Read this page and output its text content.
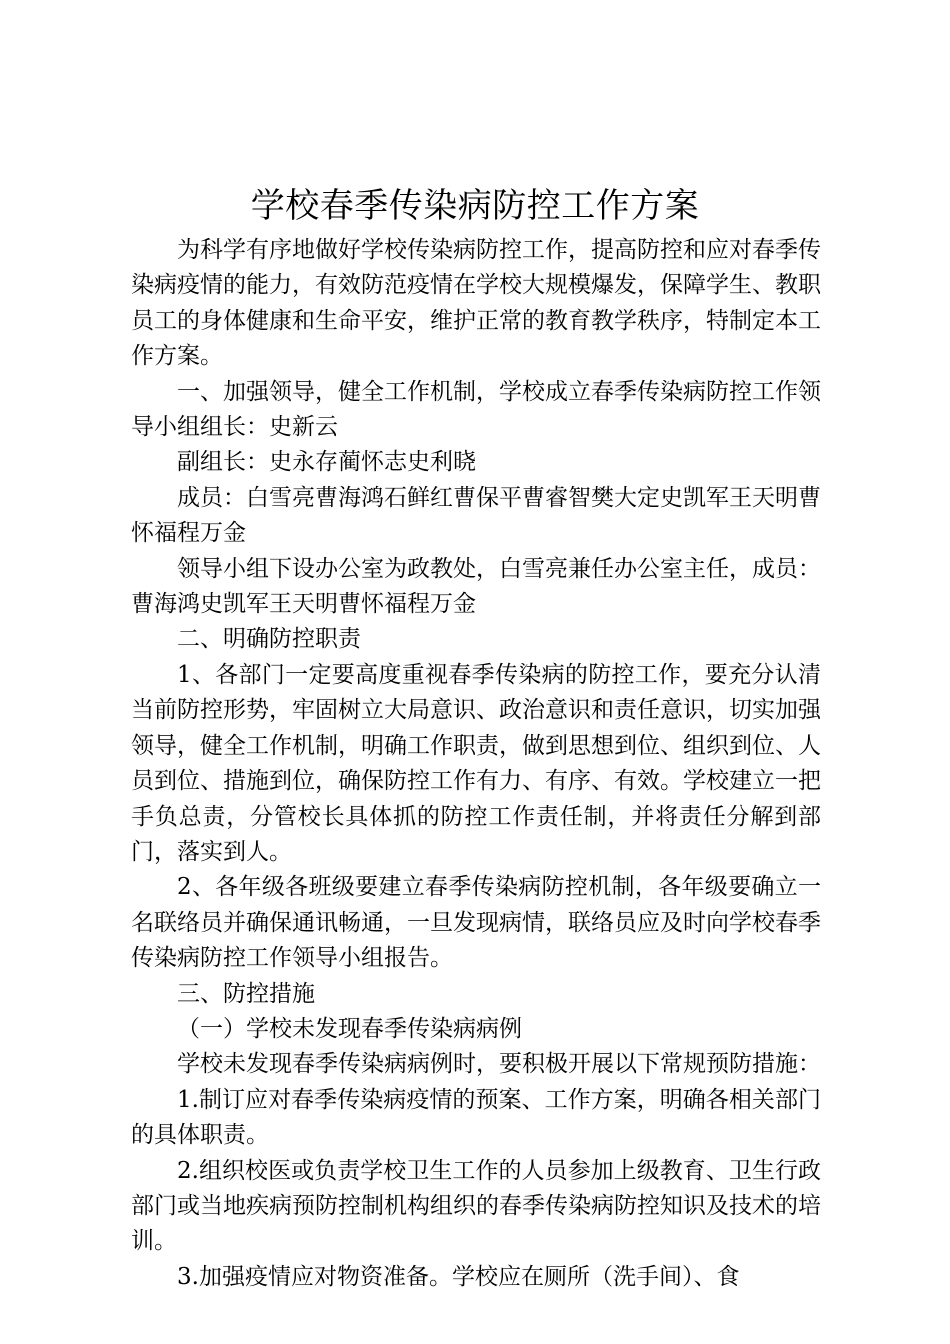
学校春季传染病防控工作方案

为科学有序地做好学校传染病防控工作，提高防控和应对春季传染病疫情的能力，有效防范疫情在学校大规模爆发，保障学生、教职员工的身体健康和生命平安，维护正常的教育教学秩序，特制定本工作方案。

一、加强领导，健全工作机制，学校成立春季传染病防控工作领导小组组长：史新云

副组长：史永存蔺怀志史利晓

成员：白雪亮曹海鸿石鲜红曹保平曹睿智樊大定史凯军王天明曹怀福程万金

领导小组下设办公室为政教处，白雪亮兼任办公室主任，成员：曹海鸿史凯军王天明曹怀福程万金

二、明确防控职责

1、各部门一定要高度重视春季传染病的防控工作，要充分认清当前防控形势，牢固树立大局意识、政治意识和责任意识，切实加强领导，健全工作机制，明确工作职责，做到思想到位、组织到位、人员到位、措施到位，确保防控工作有力、有序、有效。学校建立一把手负总责，分管校长具体抓的防控工作责任制，并将责任分解到部门，落实到人。

2、各年级各班级要建立春季传染病防控机制，各年级要确立一名联络员并确保通讯畅通，一旦发现病情，联络员应及时向学校春季传染病防控工作领导小组报告。

三、防控措施

（一）学校未发现春季传染病病例

学校未发现春季传染病病例时，要积极开展以下常规预防措施：

1.制订应对春季传染病疫情的预案、工作方案，明确各相关部门的具体职责。

2.组织校医或负责学校卫生工作的人员参加上级教育、卫生行政部门或当地疾病预防控制机构组织的春季传染病防控知识及技术的培训。

3.加强疫情应对物资准备。学校应在厕所（洗手间）、食
